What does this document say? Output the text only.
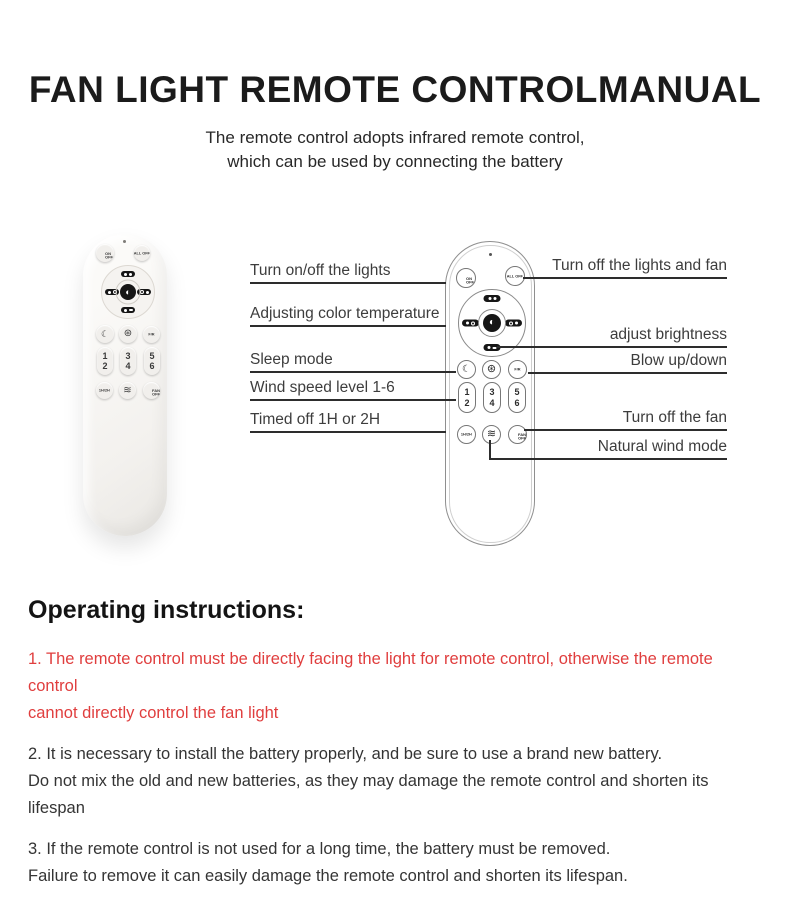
FAN LIGHT REMOTE CONTROLMANUAL
The remote control adopts infrared remote control,
which can be used by connecting the battery
ON

OFF
ALL OFF
◐
☾ ⊛ F/R
1
2
3
4
5
6
1H/2H ≋ FAN

OFF
ON

OFF
ALL OFF
◐
☾ ⊛ F/R
1
2
3
4
5
6
1H/2H ≋	FAN

OFF
Turn on/off the lights
Adjusting color temperature
Sleep mode
Wind speed level 1-6
Timed off 1H or 2H
Turn off the lights and fan
adjust brightness
Blow up/down
Turn off the fan
Natural wind mode
Operating instructions:

1. The remote control must be directly facing the light for remote control, otherwise the remote control
cannot directly control the fan light

2. It is necessary to install the battery properly, and be sure to use a brand new battery.
Do not mix the old and new batteries, as they may damage the remote control and shorten its lifespan

3. If the remote control is not used for a long time, the battery must be removed.
Failure to remove it can easily damage the remote control and shorten its lifespan.
